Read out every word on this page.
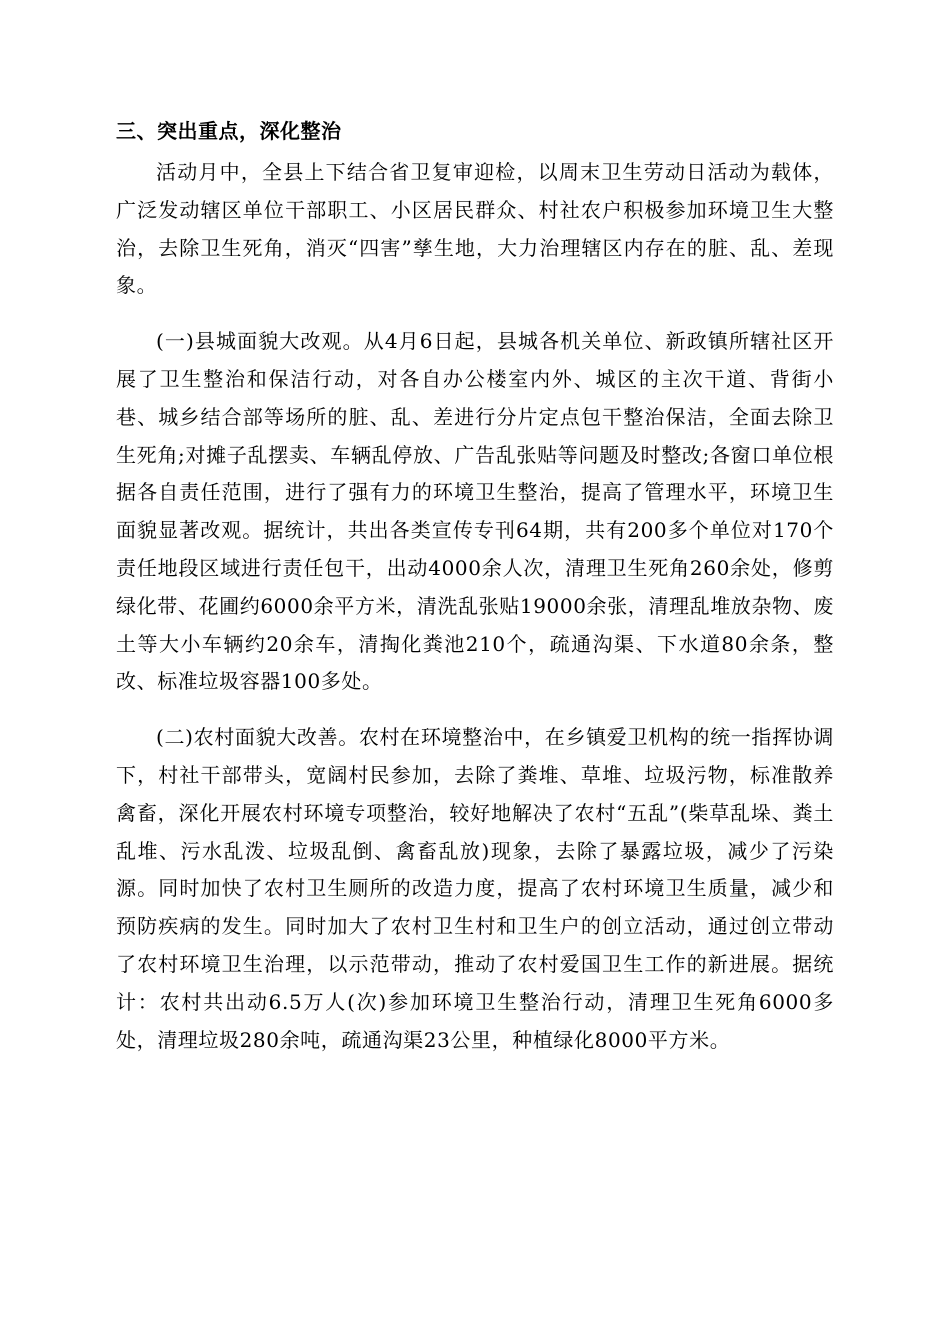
三、突出重点，深化整治

活动月中，全县上下结合省卫复审迎检，以周末卫生劳动日活动为载体，广泛发动辖区单位干部职工、小区居民群众、村社农户积极参加环境卫生大整治，去除卫生死角，消灭“四害”孳生地，大力治理辖区内存在的脏、乱、差现象。

(一)县城面貌大改观。从4月6日起，县城各机关单位、新政镇所辖社区开展了卫生整治和保洁行动，对各自办公楼室内外、城区的主次干道、背街小巷、城乡结合部等场所的脏、乱、差进行分片定点包干整治保洁，全面去除卫生死角;对摊子乱摆卖、车辆乱停放、广告乱张贴等问题及时整改;各窗口单位根据各自责任范围，进行了强有力的环境卫生整治，提高了管理水平，环境卫生面貌显著改观。据统计，共出各类宣传专刊64期，共有200多个单位对170个责任地段区域进行责任包干，出动4000余人次，清理卫生死角260余处，修剪绿化带、花圃约6000余平方米，清洗乱张贴19000余张，清理乱堆放杂物、废土等大小车辆约20余车，清掏化粪池210个，疏通沟渠、下水道80余条，整改、标准垃圾容器100多处。

(二)农村面貌大改善。农村在环境整治中，在乡镇爱卫机构的统一指挥协调下，村社干部带头，宽阔村民参加，去除了粪堆、草堆、垃圾污物，标准散养禽畜，深化开展农村环境专项整治，较好地解决了农村“五乱”(柴草乱垛、粪土乱堆、污水乱泼、垃圾乱倒、禽畜乱放)现象，去除了暴露垃圾，减少了污染源。同时加快了农村卫生厕所的改造力度，提高了农村环境卫生质量，减少和预防疾病的发生。同时加大了农村卫生村和卫生户的创立活动，通过创立带动了农村环境卫生治理，以示范带动，推动了农村爱国卫生工作的新进展。据统计：农村共出动6.5万人(次)参加环境卫生整治行动，清理卫生死角6000多处，清理垃圾280余吨，疏通沟渠23公里，种植绿化8000平方米。
